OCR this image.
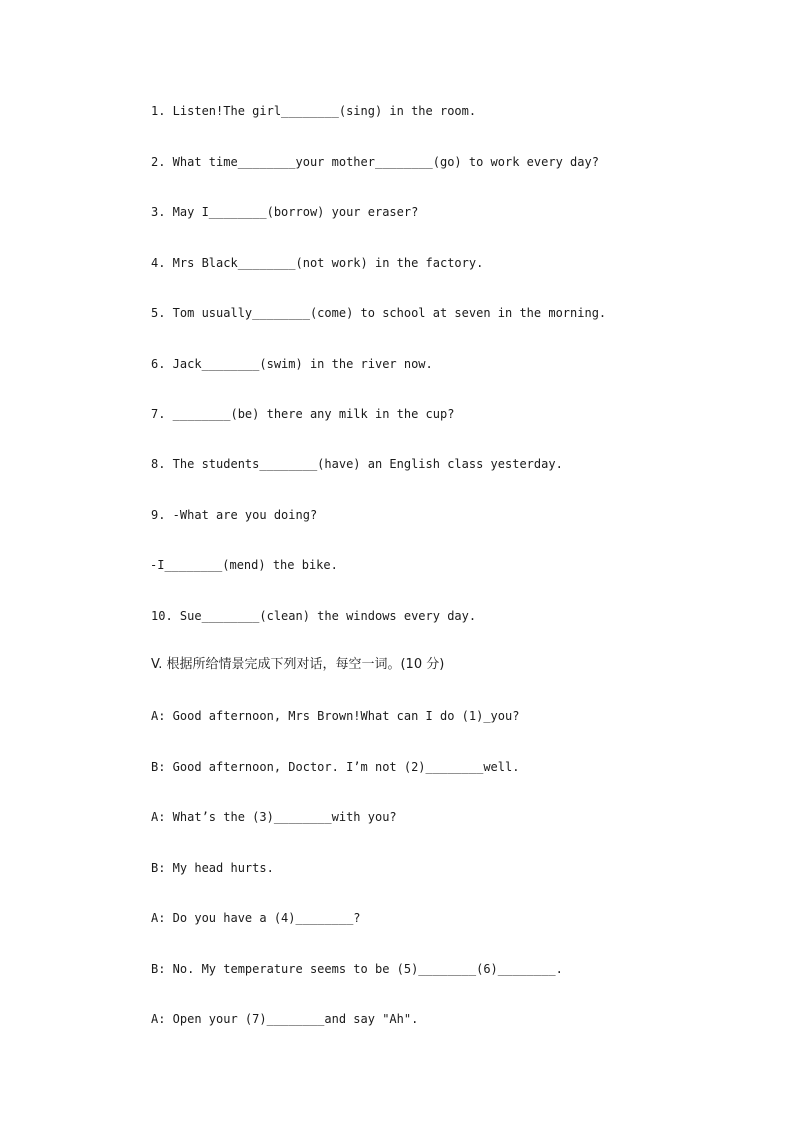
1. Listen!The girl________(sing) in the room.
2. What time________your mother________(go) to work every day?
3. May I________(borrow) your eraser?
4. Mrs Black________(not work) in the factory.
5. Tom usually________(come) to school at seven in the morning.
6. Jack________(swim) in the river now.
7. ________(be) there any milk in the cup?
8. The students________(have) an English class yesterday.
9. -What are you doing?
-I________(mend) the bike.
10. Sue________(clean) the windows every day.
V. 根据所给情景完成下列对话，每空一词。(10 分)
A: Good afternoon, Mrs Brown!What can I do (1)_you?
B: Good afternoon, Doctor. I’m not (2)________well.
A: What’s the (3)________with you?
B: My head hurts.
A: Do you have a (4)________?
B: No. My temperature seems to be (5)________(6)________.
A: Open your (7)________and say "Ah".
